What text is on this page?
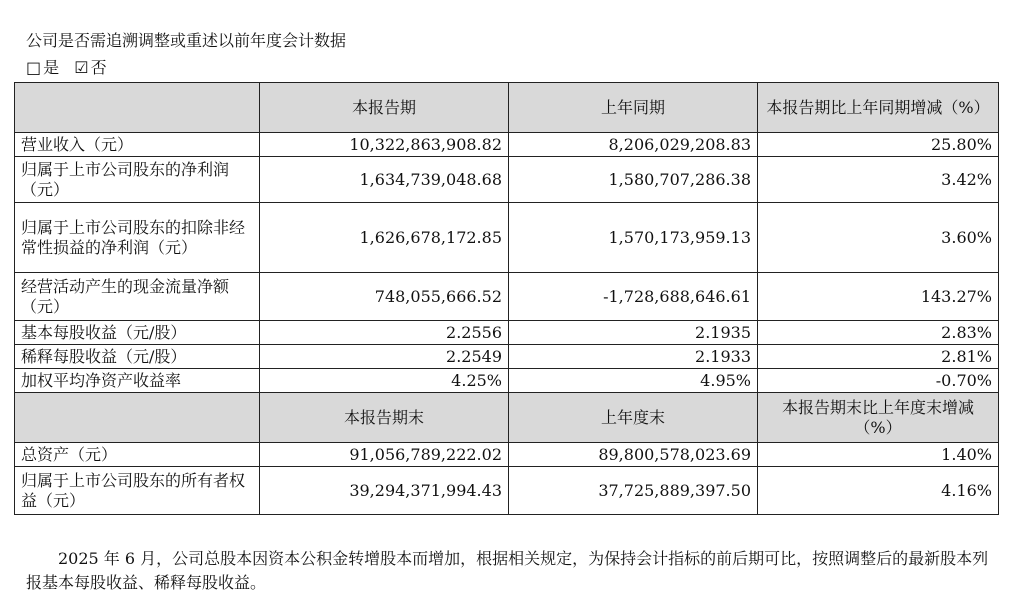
公司是否需追溯调整或重述以前年度会计数据
□ 是 ☑ 否
	本报告期	上年同期	本报告期比上年同期增减（%）
营业收入（元）	10,322,863,908.82	8,206,029,208.83	25.80%
归属于上市公司股东的净利润（元）	1,634,739,048.68	1,580,707,286.38	3.42%
归属于上市公司股东的扣除非经常性损益的净利润（元）	1,626,678,172.85	1,570,173,959.13	3.60%
经营活动产生的现金流量净额（元）	748,055,666.52	-1,728,688,646.61	143.27%
基本每股收益（元/股）	2.2556	2.1935	2.83%
稀释每股收益（元/股）	2.2549	2.1933	2.81%
加权平均净资产收益率	4.25%	4.95%	-0.70%
	本报告期末	上年度末	本报告期末比上年度末增减（%）
总资产（元）	91,056,789,222.02	89,800,578,023.69	1.40%
归属于上市公司股东的所有者权益（元）	39,294,371,994.43	37,725,889,397.50	4.16%
2025 年 6 月，公司总股本因资本公积金转增股本而增加，根据相关规定，为保持会计指标的前后期可比，按照调整后的最新股本列报基本每股收益、稀释每股收益。
